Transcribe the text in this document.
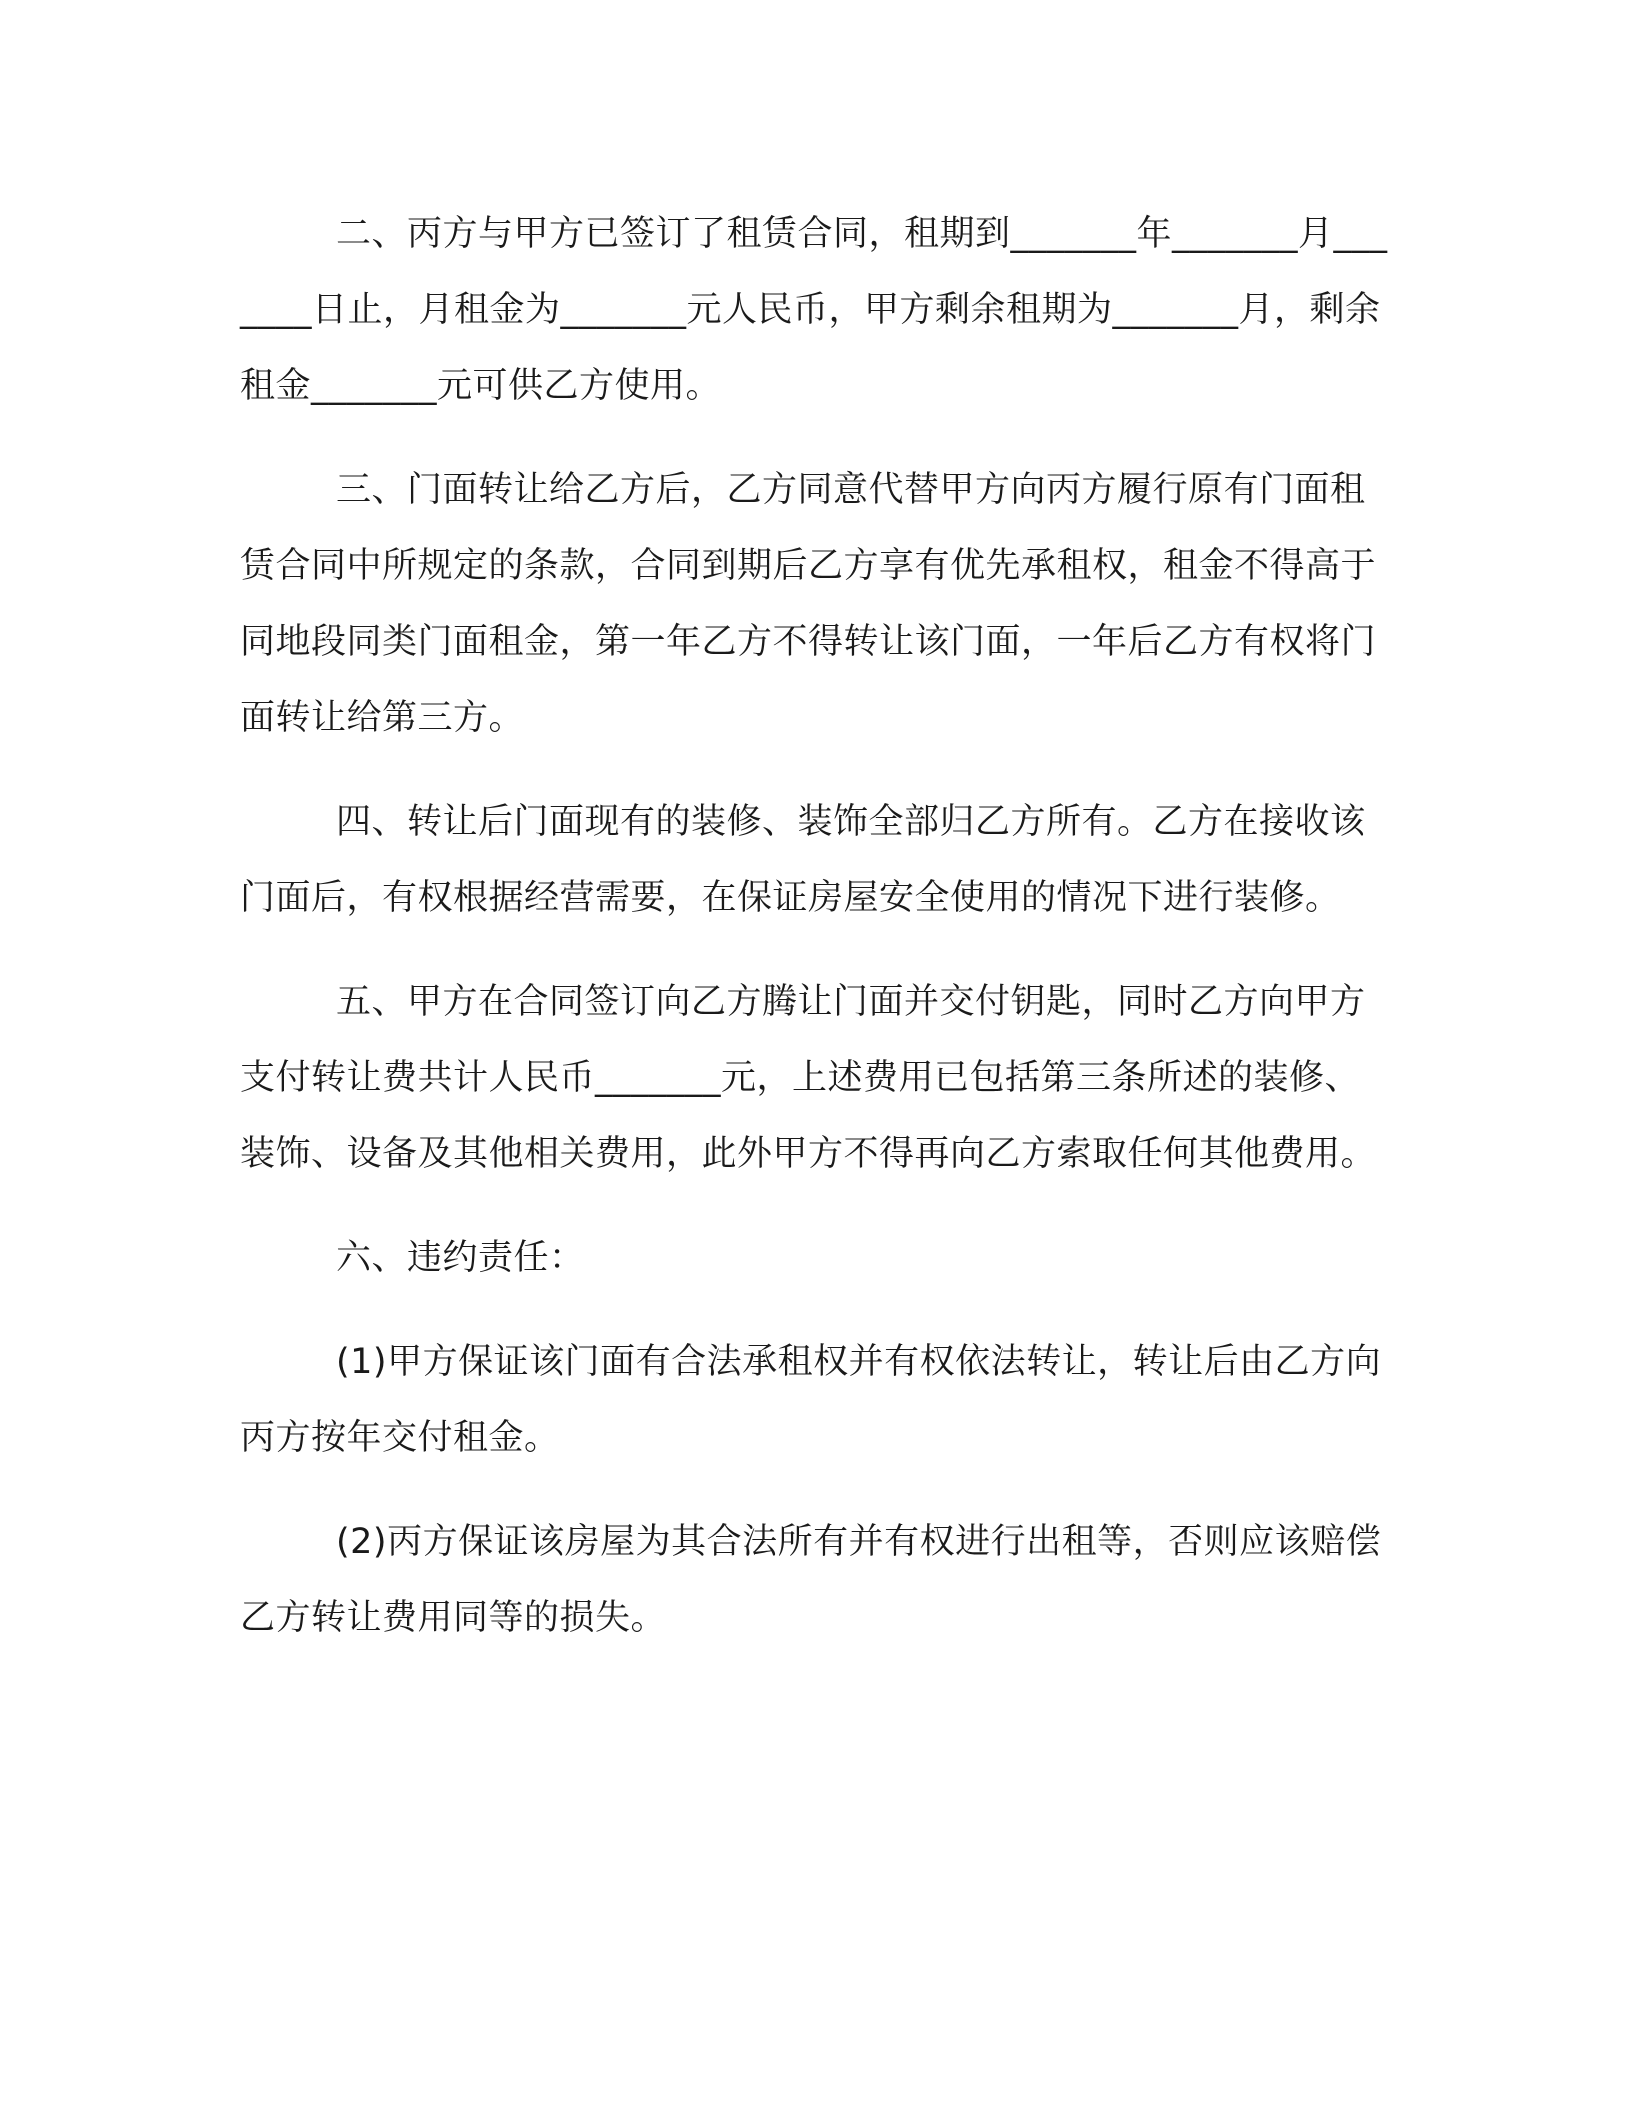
二、丙方与甲方已签订了租赁合同，租期到_______年_______月_______日止，月租金为_______元人民币，甲方剩余租期为_______月，剩余租金_______元可供乙方使用。

三、门面转让给乙方后，乙方同意代替甲方向丙方履行原有门面租赁合同中所规定的条款，合同到期后乙方享有优先承租权，租金不得高于同地段同类门面租金，第一年乙方不得转让该门面，一年后乙方有权将门面转让给第三方。

四、转让后门面现有的装修、装饰全部归乙方所有。乙方在接收该门面后，有权根据经营需要，在保证房屋安全使用的情况下进行装修。

五、甲方在合同签订向乙方腾让门面并交付钥匙，同时乙方向甲方支付转让费共计人民币_______元，上述费用已包括第三条所述的装修、装饰、设备及其他相关费用，此外甲方不得再向乙方索取任何其他费用。

六、违约责任：

(1)甲方保证该门面有合法承租权并有权依法转让，转让后由乙方向丙方按年交付租金。

(2)丙方保证该房屋为其合法所有并有权进行出租等，否则应该赔偿乙方转让费用同等的损失。
